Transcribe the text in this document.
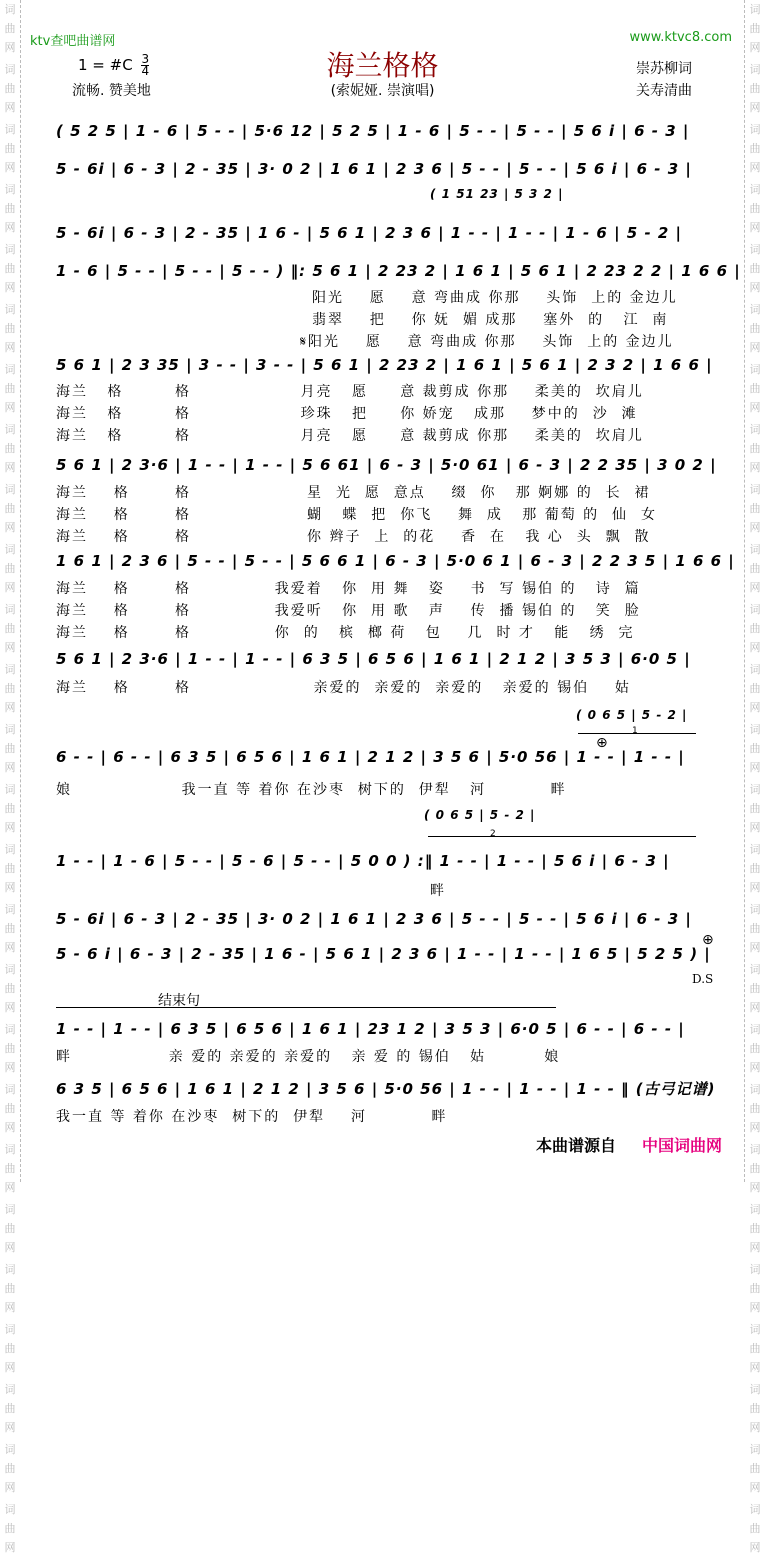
词
曲
网
词
曲
网
词
曲
网
词
曲
网
词
曲
网
词
曲
网
词
曲
网
词
曲
网
词
曲
网
词
曲
网
词
曲
网
词
曲
网
词
曲
网
词
曲
网
词
曲
网
词
曲
网
词
曲
网
词
曲
网
词
曲
网
词
曲
网
词
曲
网
词
曲
网
词
曲
网
词
曲
网
词
曲
网
词
曲
网
词
曲
网
词
曲
网
词
曲
网
词
曲
网
词
曲
网
词
曲
网
词
曲
网
词
曲
网
词
曲
网
词
曲
网
词
曲
网
词
曲
网
词
曲
网
词
曲
网
词
曲
网
词
曲
网
词
曲
网
词
曲
网
词
曲
网
词
曲
网
词
曲
网
词
曲
网
词
曲
网
词
曲
网
词
曲
网
词
曲
网
ktv查吧曲谱网	www.ktvc8.com
1 = #C $\frac{3}{4}$
流畅. 赞美地
海兰格格
(索妮娅. 崇演唱)
崇苏柳词
关寿清曲
( 5 2 5 | 1 - 6 | 5 - - | 5·6 12 | 5 2 5 | 1 - 6 | 5 - - | 5 - - | 5 6 i | 6 - 3 |
5 - 6i | 6 - 3 | 2 - 35 | 3· 0 2 | 1 6 1 | 2 3 6 | 5 - - | 5 - - | 5 6 i | 6 - 3 |
( 1 51 23 | 5 3 2 |
5 - 6i | 6 - 3 | 2 - 35 | 1 6 - | 5 6 1 | 2 3 6 | 1 - - | 1 - - | 1 - 6 | 5 - 2 |
1 - 6 | 5 - - | 5 - - | 5 - - ) ‖: 5 6 1 | 2 23 2 | 1 6 1 | 5 6 1 | 2 23 2 2 | 1 6 6 |
阳光    愿    意 弯曲成 你那    头饰  上的 金边儿
翡翠    把    你 妩  媚 成那    塞外  的   江  南
𝄋阳光    愿    意 弯曲成 你那    头饰  上的 金边儿
5 6 1 | 2 3 35 | 3 - - | 3 - - | 5 6 1 | 2 23 2 | 1 6 1 | 5 6 1 | 2 3 2 | 1 6 6 |
海兰   格        格                 月亮   愿     意 裁剪成 你那    柔美的  坎肩儿
海兰   格        格                 珍珠   把     你 娇宠   成那    梦中的  沙  滩
海兰   格        格                 月亮   愿     意 裁剪成 你那    柔美的  坎肩儿
5 6 1 | 2 3·6 | 1 - - | 1 - - | 5 6 61 | 6 - 3 | 5·0 61 | 6 - 3 | 2 2 35 | 3 0 2 |
海兰    格       格                  星  光  愿  意点    缀  你   那 婀娜 的  长  裙
海兰    格       格                  蝴   蝶  把  你飞    舞  成   那 葡萄 的  仙  女
海兰    格       格                  你 辫子  上  的花    香  在   我 心  头  飘  散
1 6 1 | 2 3 6 | 5 - - | 5 - - | 5 6 6 1 | 6 - 3 | 5·0 6 1 | 6 - 3 | 2 2 3 5 | 1 6 6 |
海兰    格       格             我爱着   你  用 舞   姿    书  写 锡伯 的   诗  篇
海兰    格       格             我爱听   你  用 歌   声    传  播 锡伯 的   笑  脸
海兰    格       格             你  的   槟  榔 荷   包    几  时 才   能   绣  完
5 6 1 | 2 3·6 | 1 - - | 1 - - | 6 3 5 | 6 5 6 | 1 6 1 | 2 1 2 | 3 5 3 | 6·0 5 |
海兰    格       格                   亲爱的  亲爱的  亲爱的   亲爱的 锡伯    姑
( 0 6 5 | 5 - 2 |
6 - - | 6 - - | 6 3 5 | 6 5 6 | 1 6 1 | 2 1 2 | 3 5 6 | 5·0 56 | 1 - - | 1 - - |
娘                 我一直 等 着你 在沙枣  树下的  伊犁   河          畔
( 0 6 5 | 5 - 2 |
1 - - | 1 - 6 | 5 - - | 5 - 6 | 5 - - | 5 0 0 ) :‖ 1 - - | 1 - - | 5 6 i | 6 - 3 |
畔
5 - 6i | 6 - 3 | 2 - 35 | 3· 0 2 | 1 6 1 | 2 3 6 | 5 - - | 5 - - | 5 6 i | 6 - 3 |
5 - 6 i | 6 - 3 | 2 - 35 | 1 6 - | 5 6 1 | 2 3 6 | 1 - - | 1 - - | 1 6 5 | 5 2 5 ) |
1 - - | 1 - - | 6 3 5 | 6 5 6 | 1 6 1 | 23 1 2 | 3 5 3 | 6·0 5 | 6 - - | 6 - - |
畔               亲 爱的 亲爱的 亲爱的   亲 爱 的 锡伯   姑         娘
6 3 5 | 6 5 6 | 1 6 1 | 2 1 2 | 3 5 6 | 5·0 56 | 1 - - | 1 - - | 1 - - ‖ (古弓记谱)
我一直 等 着你 在沙枣  树下的  伊犁    河          畔
1
2
⊕
⊕
D.S
结束句
本曲谱源自 中国词曲网
